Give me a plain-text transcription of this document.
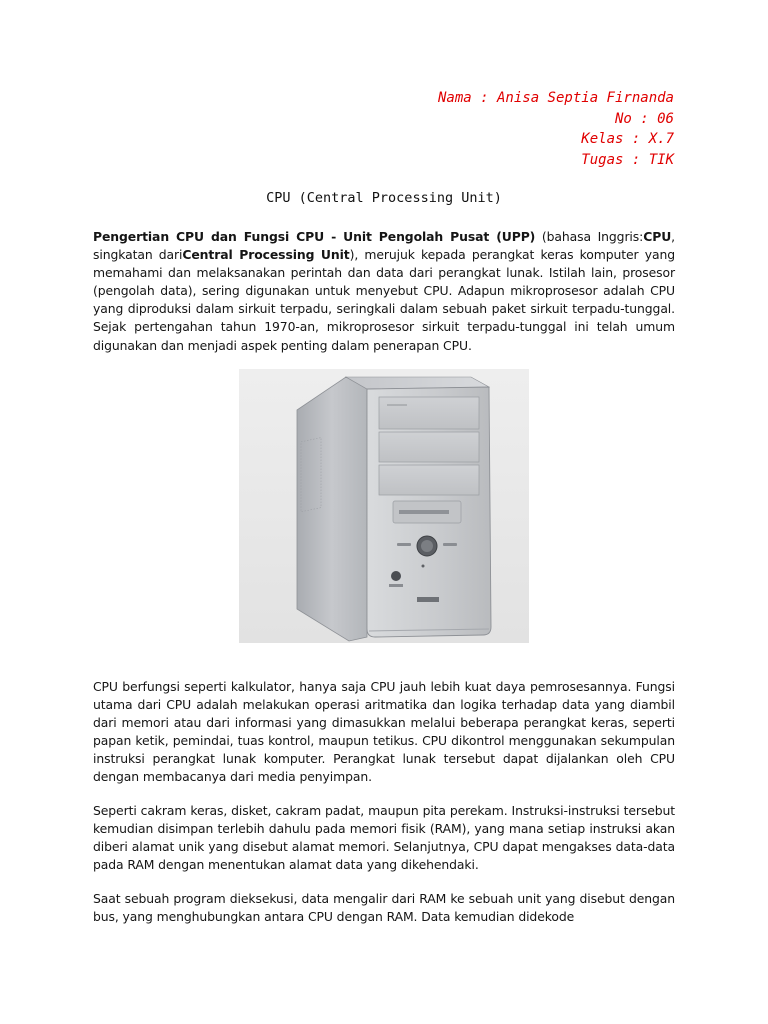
Nama : Anisa Septia Firnanda
No : 06
Kelas : X.7
Tugas : TIK
CPU (Central Processing Unit)

Pengertian CPU dan Fungsi CPU - Unit Pengolah Pusat (UPP) (bahasa Inggris:CPU, singkatan dariCentral Processing Unit), merujuk kepada perangkat keras komputer yang memahami dan melaksanakan perintah dan data dari perangkat lunak. Istilah lain, prosesor (pengolah data), sering digunakan untuk menyebut CPU. Adapun mikroprosesor adalah CPU yang diproduksi dalam sirkuit terpadu, seringkali dalam sebuah paket sirkuit terpadu-tunggal. Sejak pertengahan tahun 1970-an, mikroprosesor sirkuit terpadu-tunggal ini telah umum digunakan dan menjadi aspek penting dalam penerapan CPU.

CPU berfungsi seperti kalkulator, hanya saja CPU jauh lebih kuat daya pemrosesannya. Fungsi utama dari CPU adalah melakukan operasi aritmatika dan logika terhadap data yang diambil dari memori atau dari informasi yang dimasukkan melalui beberapa perangkat keras, seperti papan ketik, pemindai, tuas kontrol, maupun tetikus. CPU dikontrol menggunakan sekumpulan instruksi perangkat lunak komputer. Perangkat lunak tersebut dapat dijalankan oleh CPU dengan membacanya dari media penyimpan.

Seperti cakram keras, disket, cakram padat, maupun pita perekam. Instruksi-instruksi tersebut kemudian disimpan terlebih dahulu pada memori fisik (RAM), yang mana setiap instruksi akan diberi alamat unik yang disebut alamat memori. Selanjutnya, CPU dapat mengakses data-data pada RAM dengan menentukan alamat data yang dikehendaki.

Saat sebuah program dieksekusi, data mengalir dari RAM ke sebuah unit yang disebut dengan bus, yang menghubungkan antara CPU dengan RAM. Data kemudian didekode
